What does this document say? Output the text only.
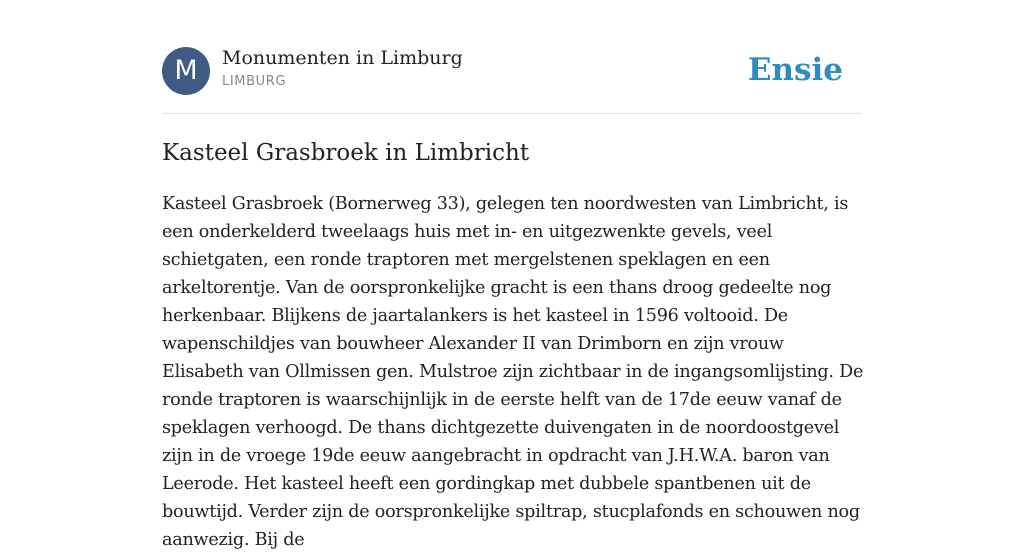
M	Monumenten in Limburg
LIMBURG	Ensie
Kasteel Grasbroek in Limbricht

Kasteel Grasbroek (Bornerweg 33), gelegen ten noordwesten van Limbricht, is een onderkelderd tweelaags huis met in- en uitgezwenkte gevels, veel schietgaten, een ronde traptoren met mergelstenen speklagen en een arkeltorentje. Van de oorspronkelijke gracht is een thans droog gedeelte nog herkenbaar. Blijkens de jaartalankers is het kasteel in 1596 voltooid. De wapenschildjes van bouwheer Alexander II van Drimborn en zijn vrouw Elisabeth van Ollmissen gen. Mulstroe zijn zichtbaar in de ingangsomlijsting. De ronde traptoren is waarschijnlijk in de eerste helft van de 17de eeuw vanaf de speklagen verhoogd. De thans dichtgezette duivengaten in de noordoostgevel zijn in de vroege 19de eeuw aangebracht in opdracht van J.H.W.A. baron van Leerode. Het kasteel heeft een gordingkap met dubbele spantbenen uit de bouwtijd. Verder zijn de oorspronkelijke spiltrap, stucplafonds en schouwen nog aanwezig. Bij de
